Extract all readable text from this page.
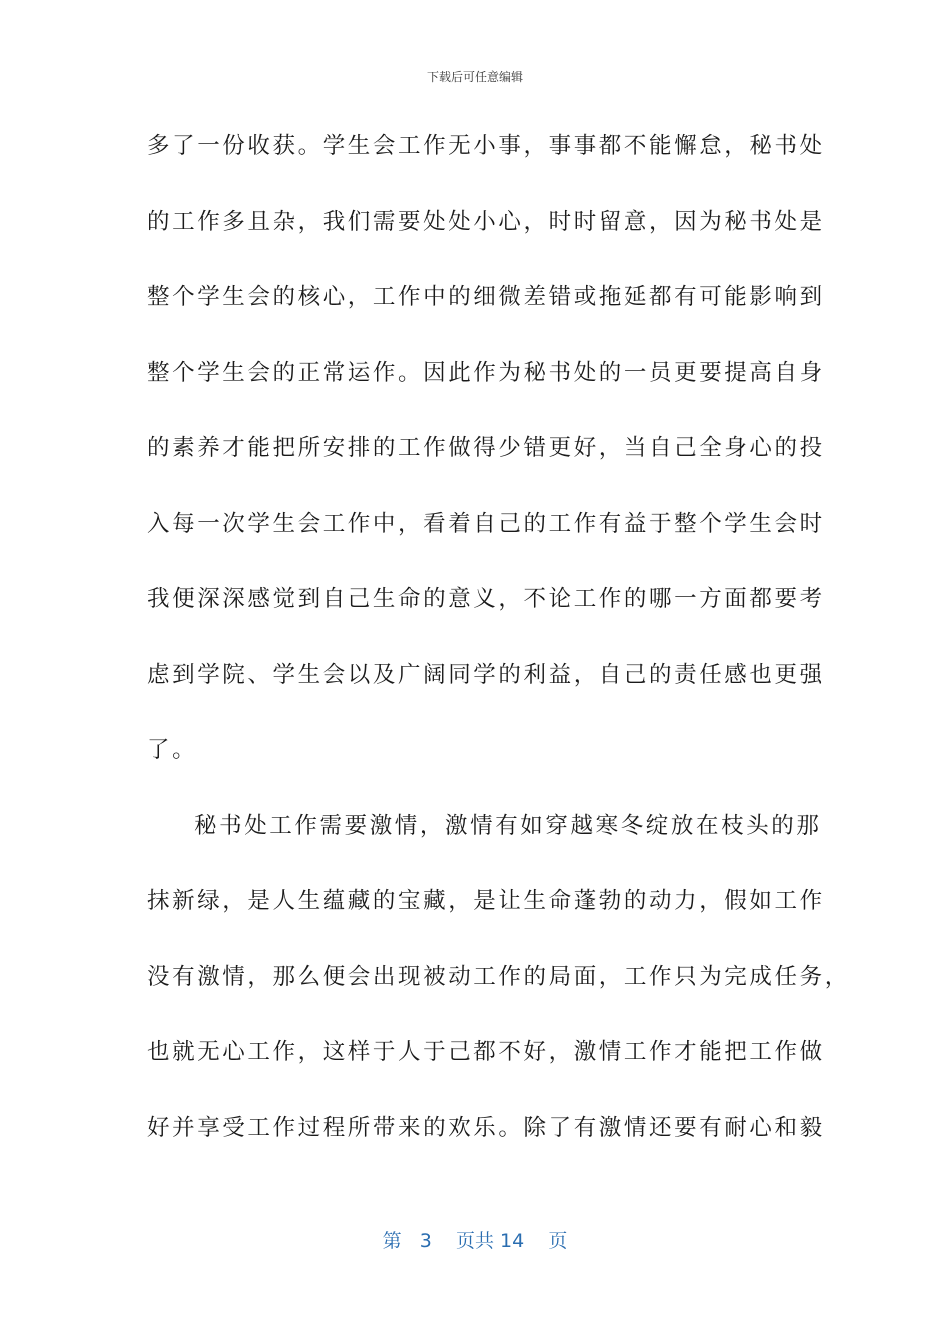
下载后可任意编辑
多了一份收获。学生会工作无小事，事事都不能懈怠，秘书处
的工作多且杂，我们需要处处小心，时时留意，因为秘书处是
整个学生会的核心，工作中的细微差错或拖延都有可能影响到
整个学生会的正常运作。因此作为秘书处的一员更要提高自身
的素养才能把所安排的工作做得少错更好，当自己全身心的投
入每一次学生会工作中，看着自己的工作有益于整个学生会时
我便深深感觉到自己生命的意义，不论工作的哪一方面都要考
虑到学院、学生会以及广阔同学的利益，自己的责任感也更强
了。
秘书处工作需要激情，激情有如穿越寒冬绽放在枝头的那
抹新绿，是人生蕴藏的宝藏，是让生命蓬勃的动力，假如工作
没有激情，那么便会出现被动工作的局面，工作只为完成任务，
也就无心工作，这样于人于己都不好，激情工作才能把工作做
好并享受工作过程所带来的欢乐。除了有激情还要有耐心和毅
第 3 页共 14 页
